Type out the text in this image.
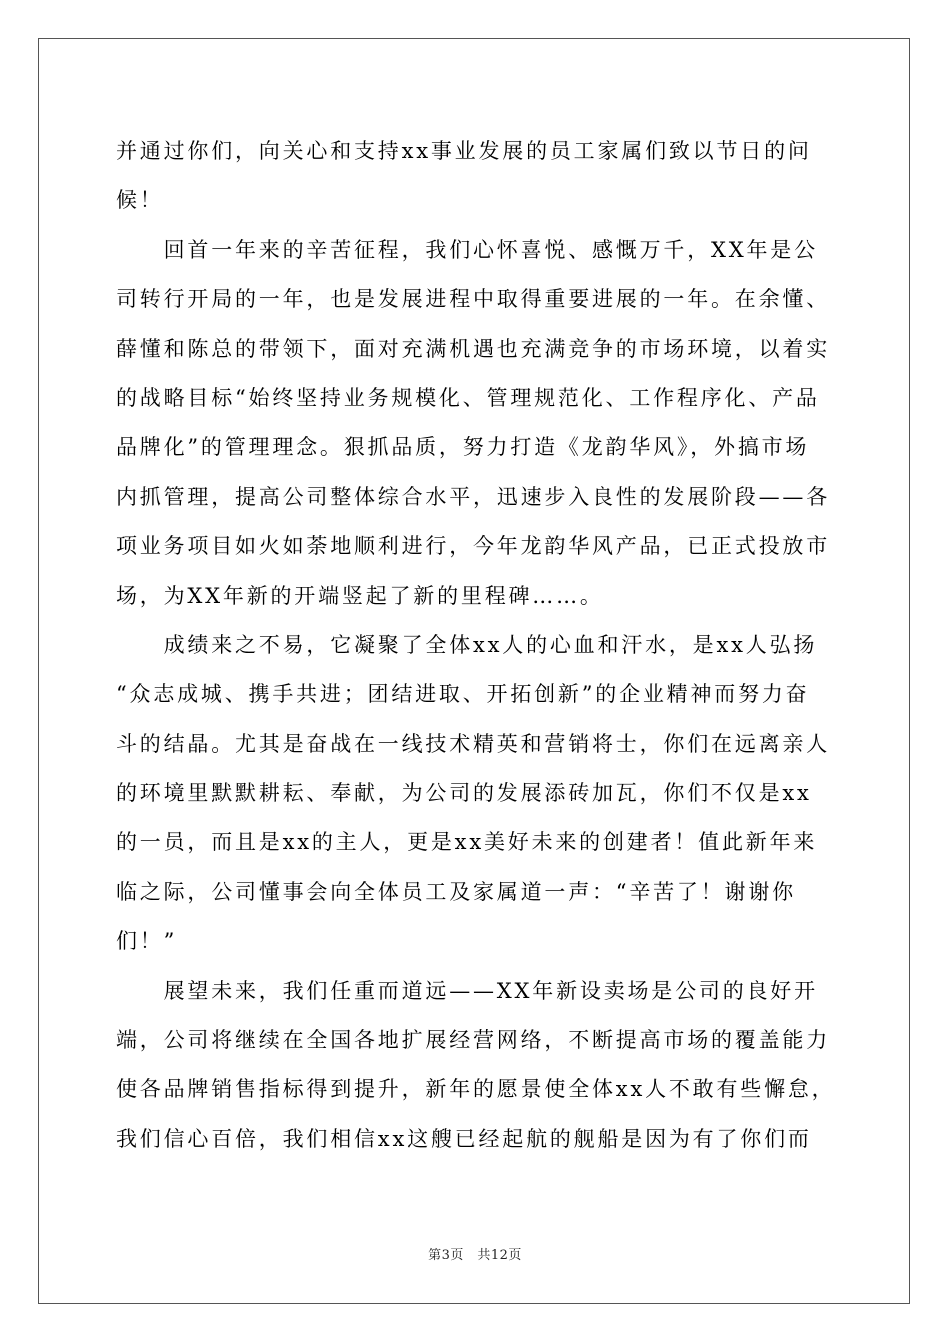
并通过你们，向关心和支持xx事业发展的员工家属们致以节日的问
候！
　　回首一年来的辛苦征程，我们心怀喜悦、感慨万千，XX年是公
司转行开局的一年，也是发展进程中取得重要进展的一年。在余懂、
薛懂和陈总的带领下，面对充满机遇也充满竞争的市场环境，以着实
的战略目标“始终坚持业务规模化、管理规范化、工作程序化、产品
品牌化”的管理理念。狠抓品质，努力打造《龙韵华风》，外搞市场
内抓管理，提高公司整体综合水平，迅速步入良性的发展阶段——各
项业务项目如火如荼地顺利进行，今年龙韵华风产品，已正式投放市
场，为XX年新的开端竖起了新的里程碑……。
　　成绩来之不易，它凝聚了全体xx人的心血和汗水，是xx人弘扬
“众志成城、携手共进；团结进取、开拓创新”的企业精神而努力奋
斗的结晶。尤其是奋战在一线技术精英和营销将士，你们在远离亲人
的环境里默默耕耘、奉献，为公司的发展添砖加瓦，你们不仅是xx
的一员，而且是xx的主人，更是xx美好未来的创建者！值此新年来
临之际，公司懂事会向全体员工及家属道一声：“辛苦了！谢谢你
们！”
　　展望未来，我们任重而道远——XX年新设卖场是公司的良好开
端，公司将继续在全国各地扩展经营网络，不断提高市场的覆盖能力
使各品牌销售指标得到提升，新年的愿景使全体xx人不敢有些懈怠，
我们信心百倍，我们相信xx这艘已经起航的舰船是因为有了你们而
第3页　共12页
